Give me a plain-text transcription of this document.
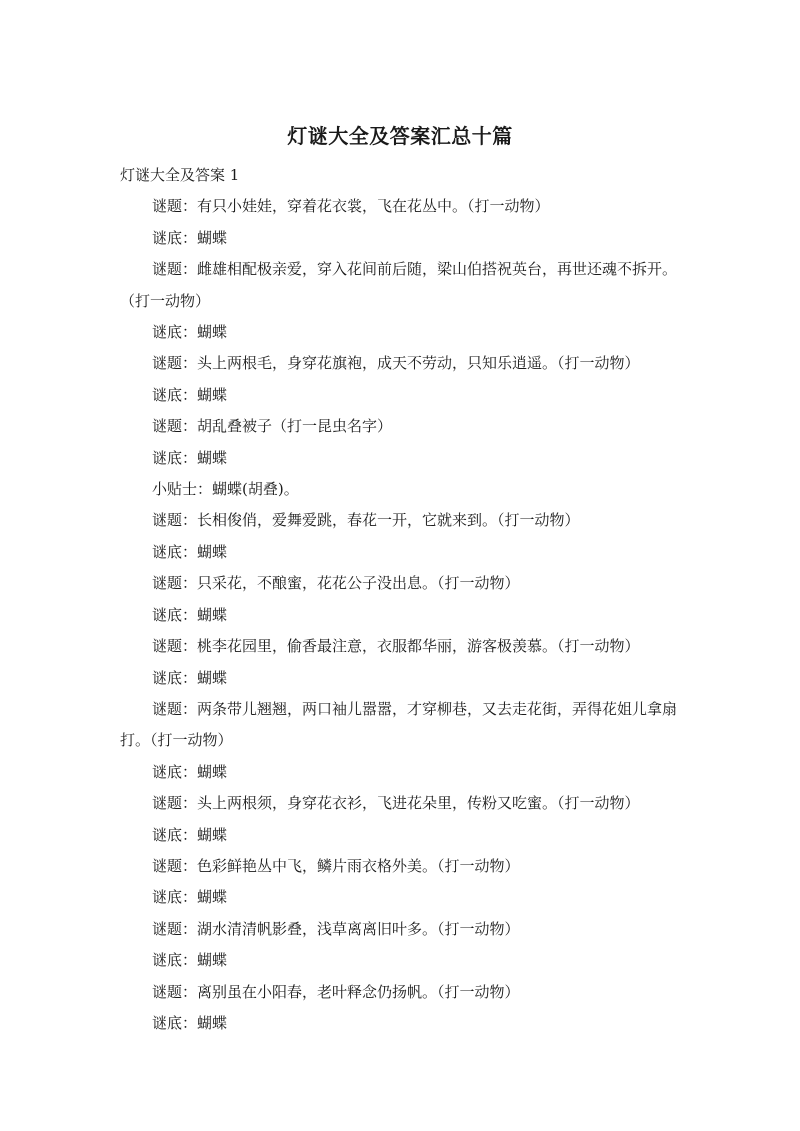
灯谜大全及答案汇总十篇

灯谜大全及答案 1

谜题：有只小娃娃，穿着花衣裳，飞在花丛中。（打一动物）

谜底：蝴蝶

谜题：雌雄相配极亲爱，穿入花间前后随，梁山伯搭祝英台，再世还魂不拆开。（打一动物）

谜底：蝴蝶

谜题：头上两根毛，身穿花旗袍，成天不劳动，只知乐逍遥。（打一动物）

谜底：蝴蝶

谜题：胡乱叠被子（打一昆虫名字）

谜底：蝴蝶

小贴士：蝴蝶(胡叠)。

谜题：长相俊俏，爱舞爱跳，春花一开，它就来到。（打一动物）

谜底：蝴蝶

谜题：只采花，不酿蜜，花花公子没出息。（打一动物）

谜底：蝴蝶

谜题：桃李花园里，偷香最注意，衣服都华丽，游客极羡慕。（打一动物）

谜底：蝴蝶

谜题：两条带儿翘翘，两口袖儿嚣嚣，才穿柳巷，又去走花街，弄得花姐儿拿扇打。（打一动物）

谜底：蝴蝶

谜题：头上两根须，身穿花衣衫，飞进花朵里，传粉又吃蜜。（打一动物）

谜底：蝴蝶

谜题：色彩鲜艳丛中飞，鳞片雨衣格外美。（打一动物）

谜底：蝴蝶

谜题：湖水清清帆影叠，浅草离离旧叶多。（打一动物）

谜底：蝴蝶

谜题：离别虽在小阳春，老叶释念仍扬帆。（打一动物）

谜底：蝴蝶
